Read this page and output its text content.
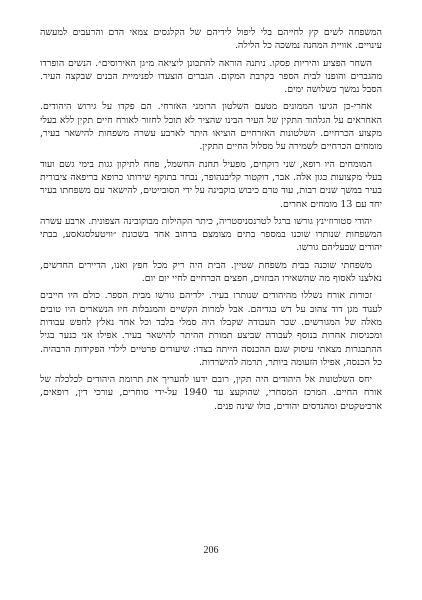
המשפחה לשים קץ לחייהם בלי ליפול לידיהם של הקלגסים צמאי הדם והרעבים למעשה עינויים. אוויית המחנה נמשכה כל הלילה.

השחר הפציע והיריות פסקו. ניתנה הוראה להתכונן ליציאה מ״גן האירוסים״. הנשים הופרדו מהגברים והופנו לבית הספר בקרבת המקום. הגברים הוצעדו לפנימיית הבנים שבקצה העיר. הסבל נמשך כשלושה ימים.

אחרי-כן הגיעו הממונים מטעם השלטון הרומני האזרחי. הם פקדו על גירוש היהודים. האחראים על הגלהוד התקין של העיר הבינו שהציר לא תוכל לחזור לאורח חיים תקין ללא בעלי מקצוע הכרחיים. השלטונות האזרחיים הוציאו היתר לארבע עשרה משפחות להישאר בעיר, מומחים הכרחיים לשמירה על מסלול החיים התקין.

המומחים היו רופא, שני רוקחים, מפעיל תחנת החשמל, פחח לתיקון גגות בימי גשם ועוד בעלי מקצועות כגון אלה. אבר, דוקטור קליבנהופר, נבחר בתוקף שירותו כרופא בריפאה ציבורית בעיר במשך שנים רבות, עוד טרם כיבוש בוקבינה על ידי הסובייטים, להישאר עם משפחתו בעיר יחד עם 13 מומחים אחרים.

יהודי סטורוז׳ינץ גורשו ברגל לטרנסניסטריה, כיתר הקהילות מבוקובינה הצפונית. ארבע עשרה המשפחות שנותרו שוכנו במספר בתים מצומצם ברחוב אחד בשכונת ״וויטעלסגאסע, בבתי יהודים שבעליהם גורשו.

משפחתי שוכנה בבית משפחת שטיין. הבית היה ריק מכל חפץ ואנו, הדיירים החדשים, נאלצנו לאסוף מה שהשאירו הבוזזים, חפצים הכרחיים לחיי יום יום.

זכורות אורח נשללו מהיהודים שנותרו בעיר. ילדיהם גורשו מבית הספר. כולם היו חייבים לענוד מגן דוד צהוב על דש בגדיהם. אבל למרות הקשיים והמגבלות חיו הנשארים היו טובים מאלה של המגורשים. שכר העבודה שקבלו היה סמלי בלבד וכל אחד נאלץ לחפש עבודות ומכניסות אחרות בנוסף לעבודה שביצע תמורת ההיתר להישאר בעיר. אפילו אני כנער בגיל ההתבגרות מצאתי עיסוק שגם ההכנסה הייתה בצדו: שיעורים פרטיים לילדי הפקידות הרבהיה. כל הכנסה, אפילו הזעומה ביותר, תרמה להישרדות.

יחס השלטונות אל היהודים היה תקין, רובם ידעו להעריך את תרומת היהודים לכלכלה של אורח החיים. המרכז המסחרי, שהוקעצ עד 1940 על-ידי סוחרים, עורכי דין, רופאים, ארכיטקטים ומהנדסים יהודים, כולו שינה פנים.

206
